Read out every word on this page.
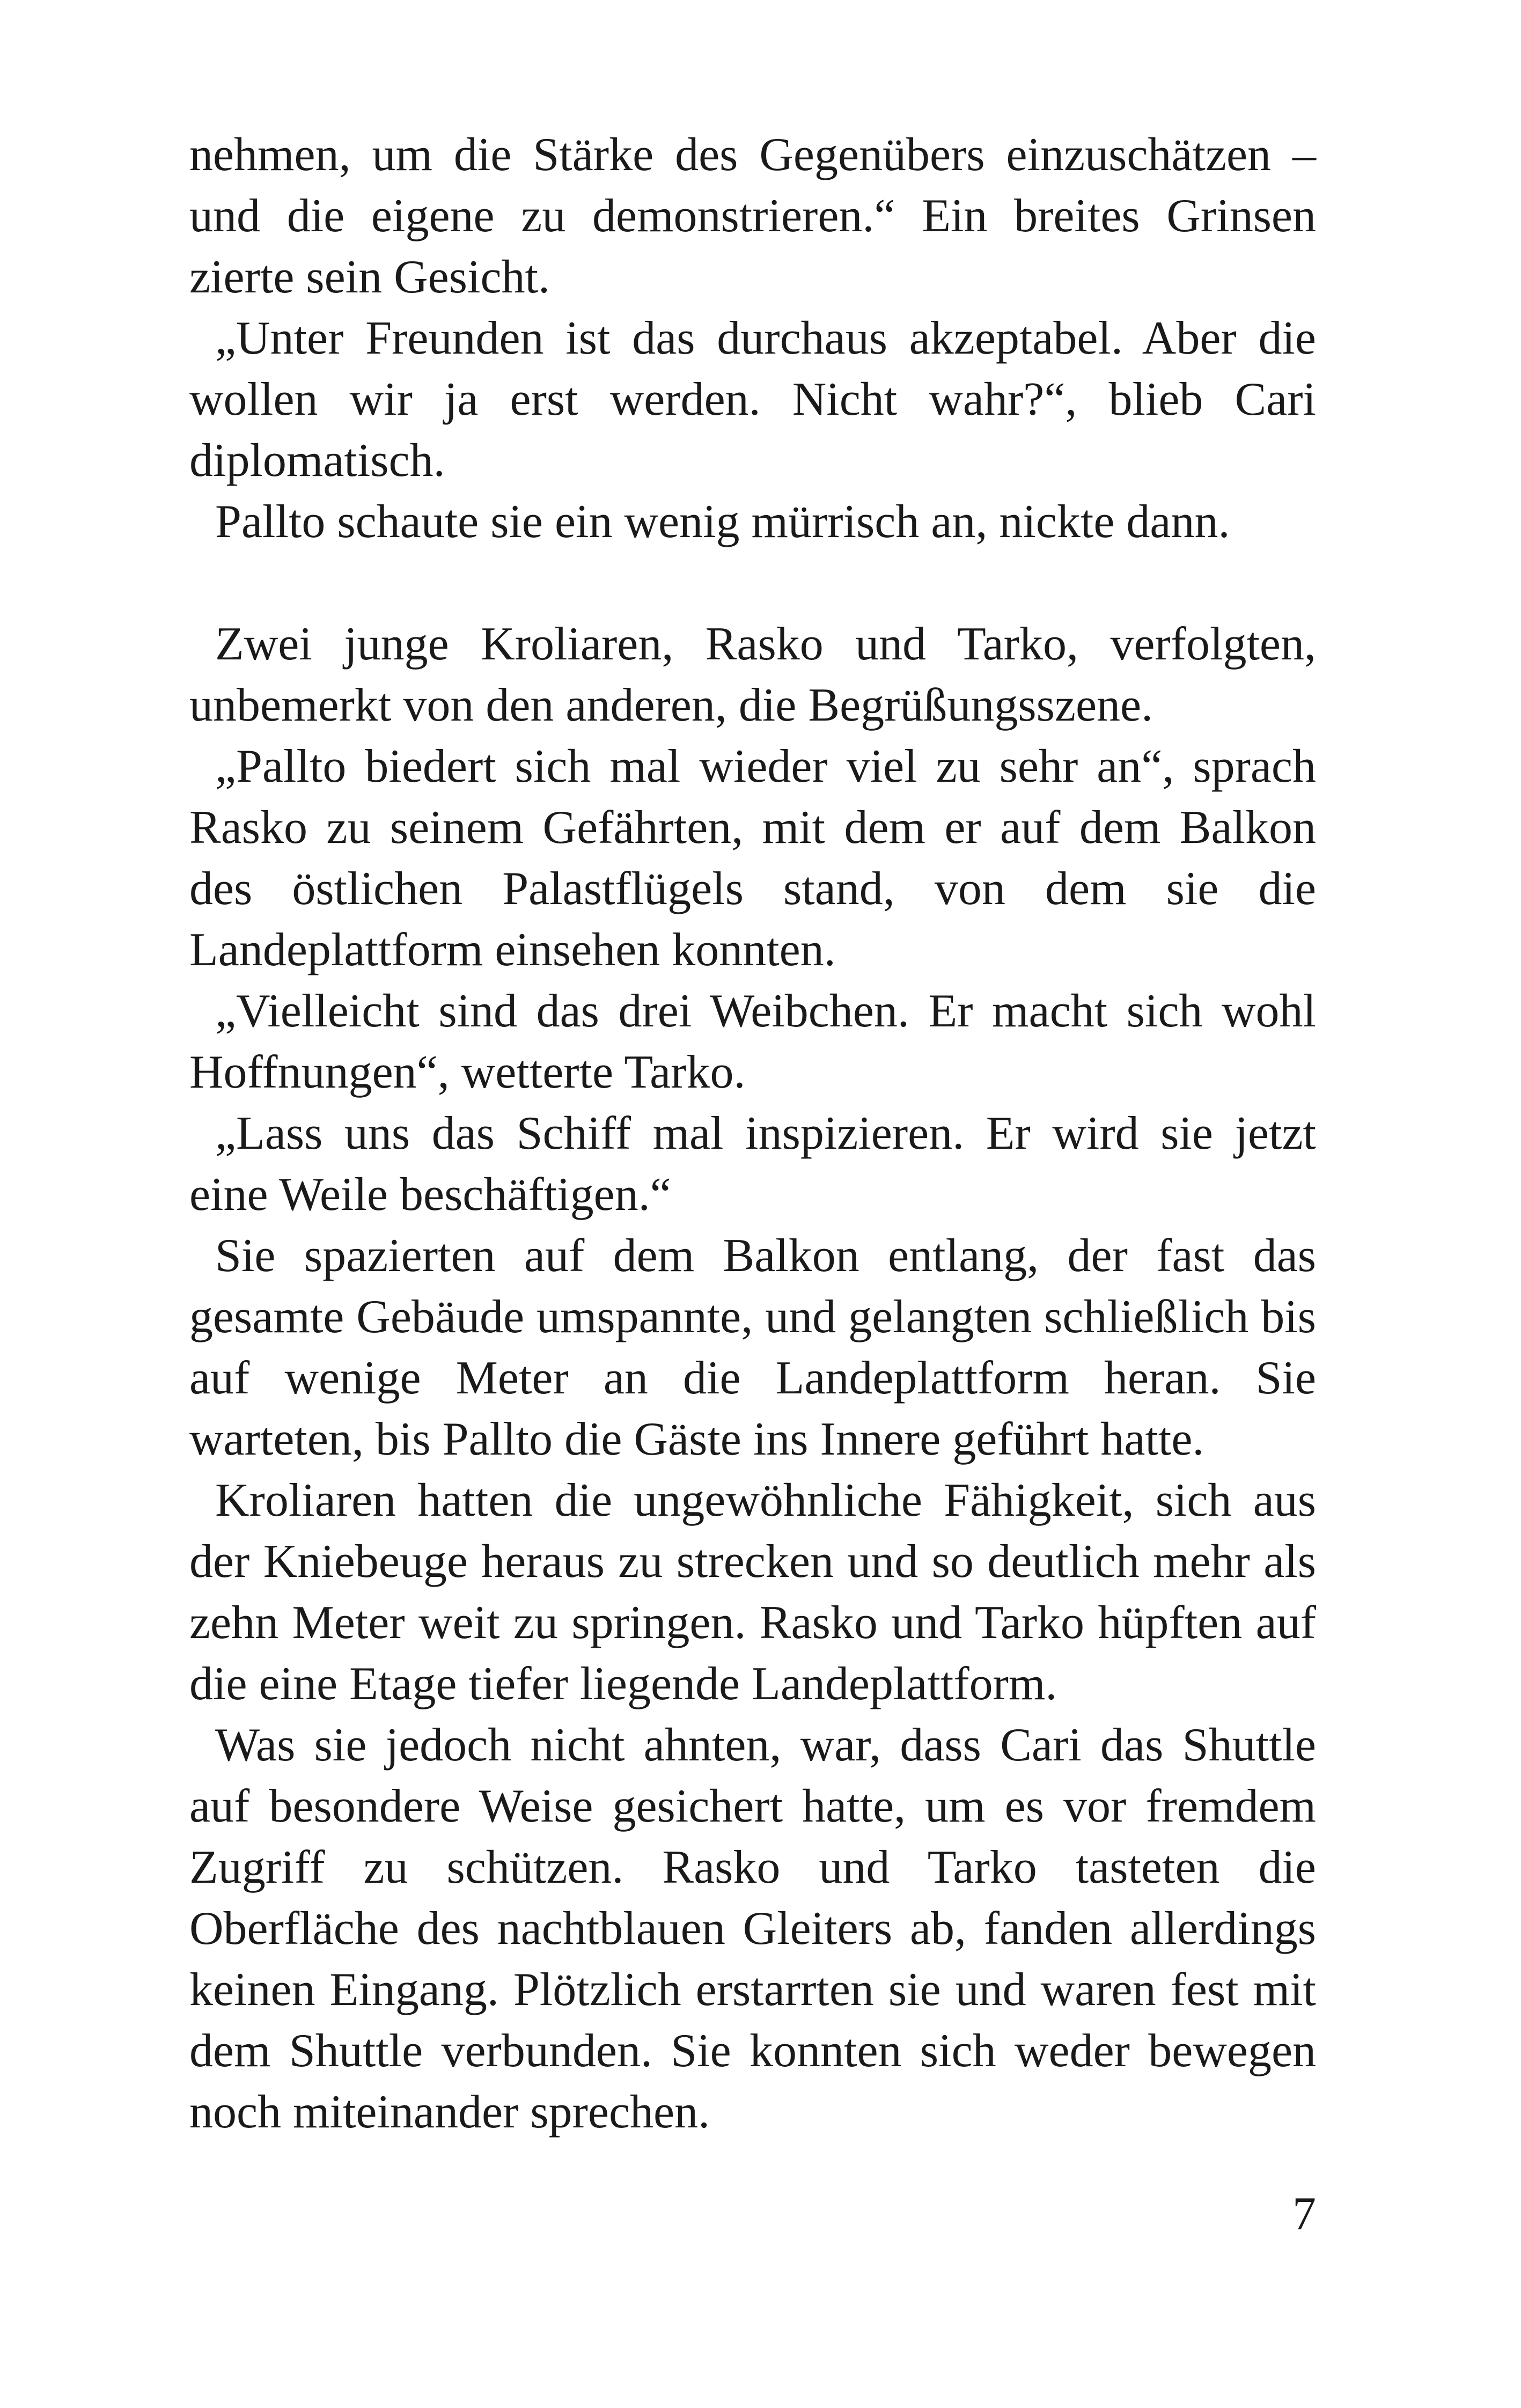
nehmen, um die Stärke des Gegenübers einzuschätzen – und die eigene zu demonstrieren.“ Ein breites Grinsen zierte sein Gesicht.

„Unter Freunden ist das durchaus akzeptabel. Aber die wollen wir ja erst werden. Nicht wahr?“, blieb Cari diplomatisch.

Pallto schaute sie ein wenig mürrisch an, nickte dann.

Zwei junge Kroliaren, Rasko und Tarko, verfolgten, unbemerkt von den anderen, die Begrüßungsszene.

„Pallto biedert sich mal wieder viel zu sehr an“, sprach Rasko zu seinem Gefährten, mit dem er auf dem Balkon des östlichen Palastflügels stand, von dem sie die Landeplattform einsehen konnten.

„Vielleicht sind das drei Weibchen. Er macht sich wohl Hoffnungen“, wetterte Tarko.

„Lass uns das Schiff mal inspizieren. Er wird sie jetzt eine Weile beschäftigen.“

Sie spazierten auf dem Balkon entlang, der fast das gesamte Gebäude umspannte, und gelangten schließlich bis auf wenige Meter an die Landeplattform heran. Sie warteten, bis Pallto die Gäste ins Innere geführt hatte.

Kroliaren hatten die ungewöhnliche Fähigkeit, sich aus der Kniebeuge heraus zu strecken und so deutlich mehr als zehn Meter weit zu springen. Rasko und Tarko hüpften auf die eine Etage tiefer liegende Landeplattform.

Was sie jedoch nicht ahnten, war, dass Cari das Shuttle auf besondere Weise gesichert hatte, um es vor fremdem Zugriff zu schützen. Rasko und Tarko tasteten die Oberfläche des nachtblauen Gleiters ab, fanden allerdings keinen Eingang. Plötzlich erstarrten sie und waren fest mit dem Shuttle verbunden. Sie konnten sich weder bewegen noch miteinander sprechen.

7
